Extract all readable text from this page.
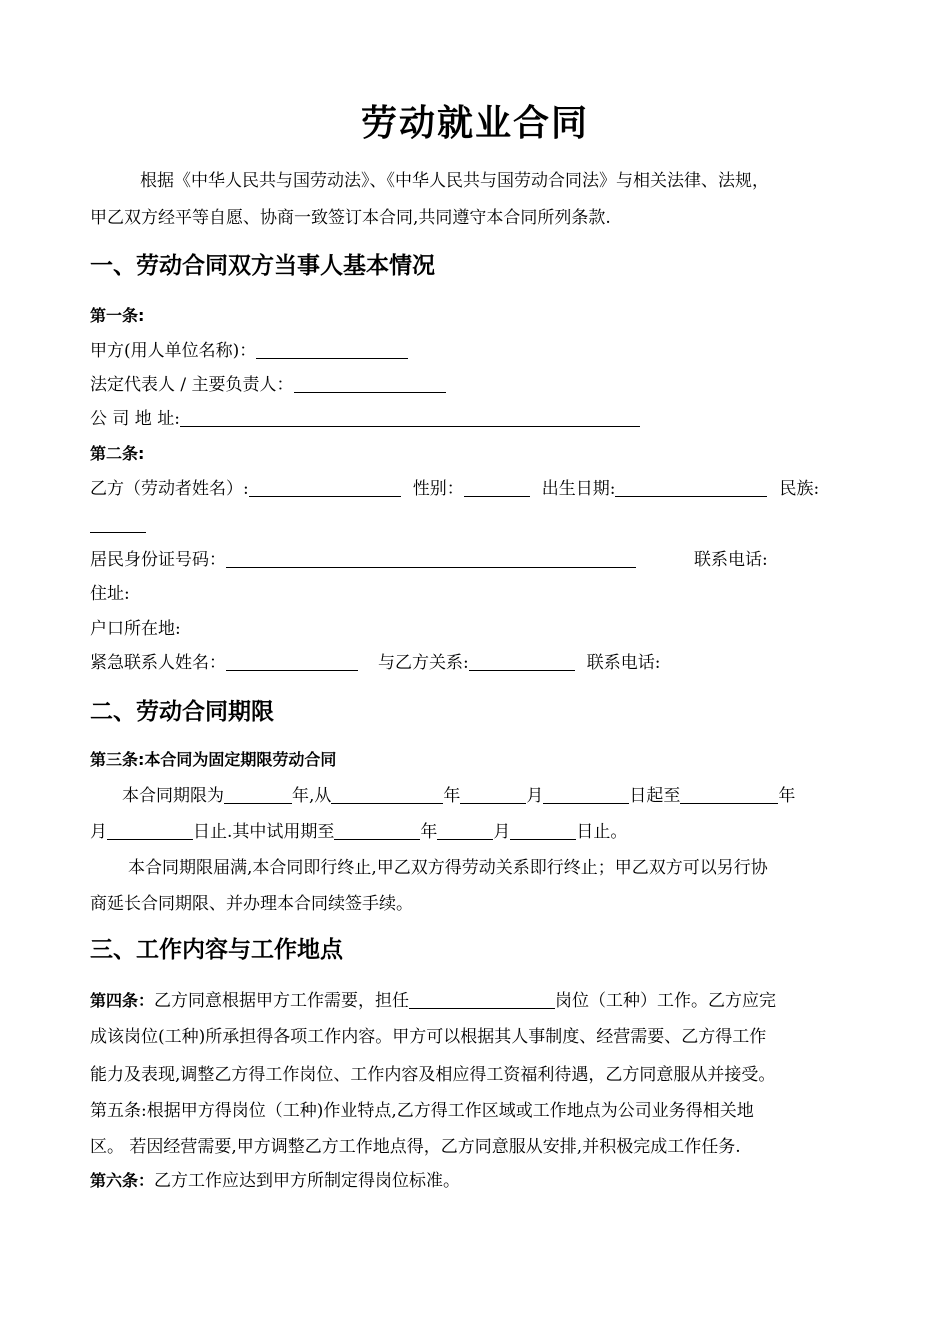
劳动就业合同
根据《中华人民共与国劳动法》、《中华人民共与国劳动合同法》与相关法律、法规，
甲乙双方经平等自愿、协商一致签订本合同,共同遵守本合同所列条款.
一、劳动合同双方当事人基本情况
第一条:
甲方(用人单位名称)：
法定代表人 / 主要负责人：
公 司 地 址:
第二条:
乙方（劳动者姓名）:	性别：	出生日期:	民族:
居民身份证号码：	联系电话:
住址:
户口所在地:
紧急联系人姓名：	与乙方关系:	联系电话:
二、劳动合同期限
第三条:本合同为固定期限劳动合同
本合同期限为	年,从	年	月	日起至	年
月	日止.其中试用期至	年	月	日止。
本合同期限届满,本合同即行终止,甲乙双方得劳动关系即行终止；甲乙双方可以另行协
商延长合同期限、并办理本合同续签手续。
三、工作内容与工作地点
第四条：乙方同意根据甲方工作需要，担任	岗位（工种）工作。乙方应完
成该岗位(工种)所承担得各项工作内容。甲方可以根据其人事制度、经营需要、乙方得工作
能力及表现,调整乙方得工作岗位、工作内容及相应得工资福利待遇，乙方同意服从并接受。
第五条:根据甲方得岗位（工种)作业特点,乙方得工作区域或工作地点为公司业务得相关地
区。 若因经营需要,甲方调整乙方工作地点得，乙方同意服从安排,并积极完成工作任务.
第六条：乙方工作应达到甲方所制定得岗位标准。
